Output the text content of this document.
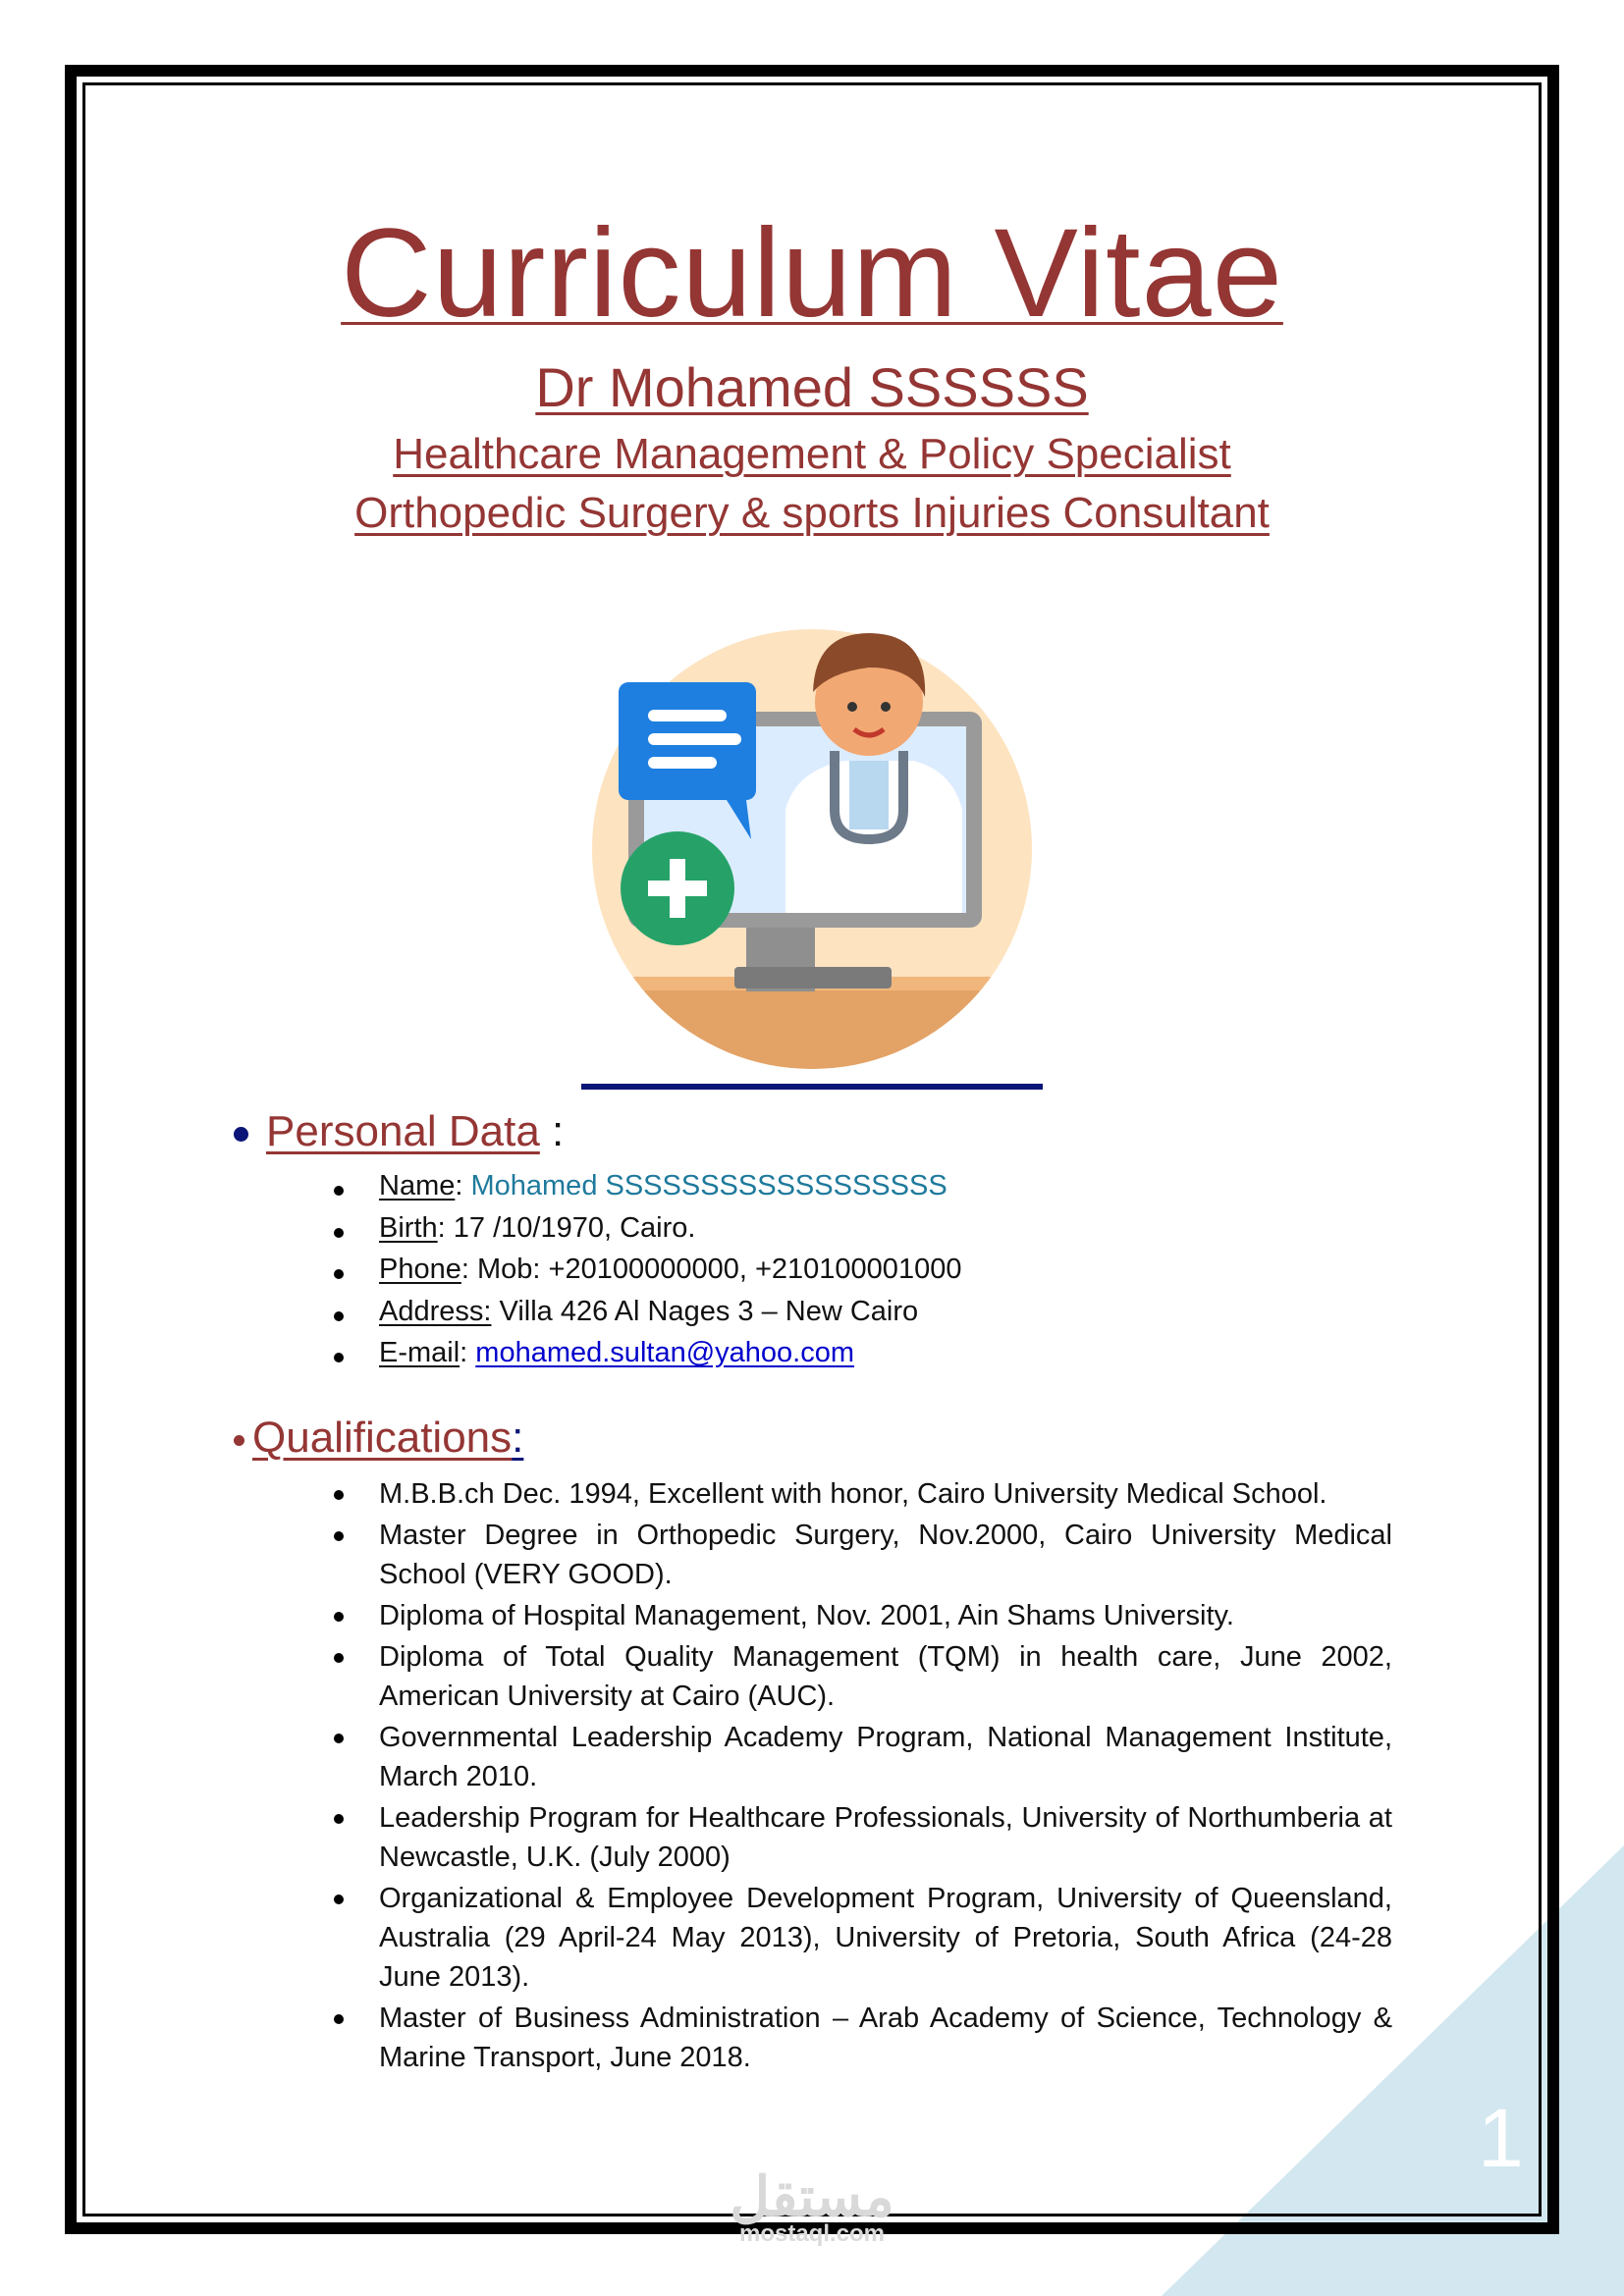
Curriculum Vitae
Dr Mohamed SSSSSS
Healthcare Management & Policy Specialist
Orthopedic Surgery & sports Injuries Consultant
Personal Data :
Name: Mohamed SSSSSSSSSSSSSSSSSS
Birth: 17 /10/1970, Cairo.
Phone: Mob: +20100000000, +210100001000
Address: Villa 426 Al Nages 3 – New Cairo
E-mail: mohamed.sultan@yahoo.com
Qualifications:
M.B.B.ch Dec. 1994, Excellent with honor, Cairo University Medical School.
Master Degree in Orthopedic Surgery, Nov.2000, Cairo University Medical School (VERY GOOD).
Diploma of Hospital Management, Nov. 2001, Ain Shams University.
Diploma of Total Quality Management (TQM) in health care, June 2002, American University at Cairo (AUC).
Governmental Leadership Academy Program, National Management Institute, March 2010.
Leadership Program for Healthcare Professionals, University of Northumberia at Newcastle, U.K. (July 2000)
Organizational & Employee Development Program, University of Queensland, Australia (29 April-24 May 2013), University of Pretoria, South Africa (24-28 June 2013).
Master of Business Administration – Arab Academy of Science, Technology & Marine Transport, June 2018.
1
مستقل
mostaql.com
